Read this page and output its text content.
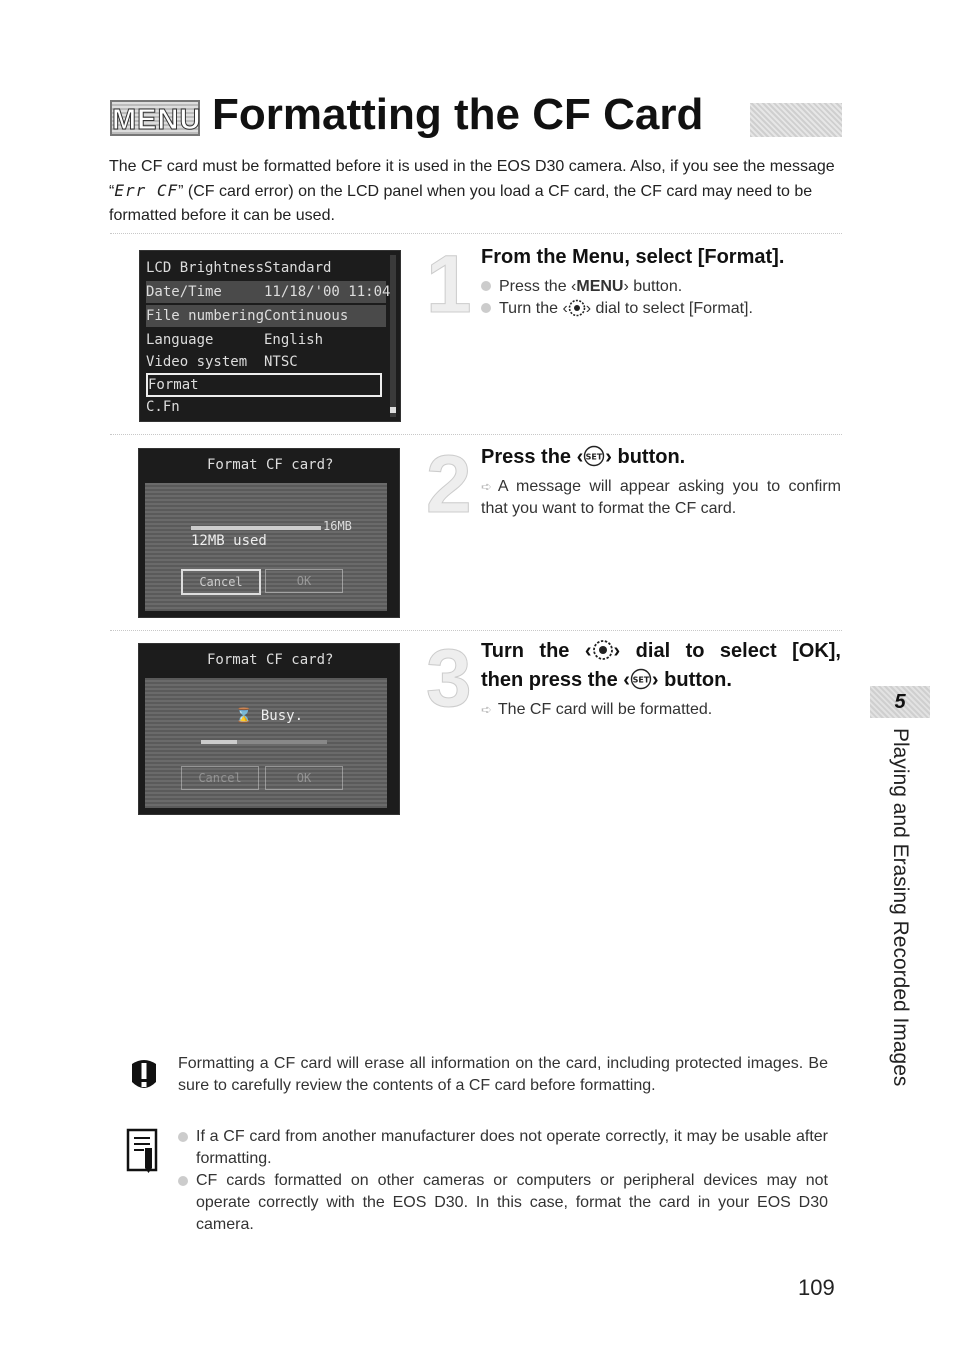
MENU Formatting the CF Card
The CF card must be formatted before it is used in the EOS D30 camera. Also, if you see the message “Err CF” (CF card error) on the LCD panel when you load a CF card, the CF card may need to be formatted before it can be used.
LCD Brightness Standard
Date/Time	11/18/'00 11:04
File numbering Continuous
Language	English
Video system NTSC
Format
C.Fn
1 From the Menu, select [Format].
Press the ‹MENU› button.
Turn the ‹ › dial to select [Format].
Format CF card?
16MB
12MB used
Cancel	OK
2 Press the ‹ SET › button.
➪ A message will appear asking you to confirm that you want to format the CF card.
Format CF card?
⌛ Busy.
Cancel	OK
3 Turn the ‹ › dial to select [OK],
then press the ‹ SET › button.
➪ The CF card will be formatted.	5
Playing and Erasing Recorded Images
Formatting a CF card will erase all information on the card, including protected images. Be sure to carefully review the contents of a CF card before formatting.
If a CF card from another manufacturer does not operate correctly, it may be usable after formatting.
CF cards formatted on other cameras or computers or peripheral devices may not operate correctly with the EOS D30. In this case, format the card in your EOS D30 camera.
109
